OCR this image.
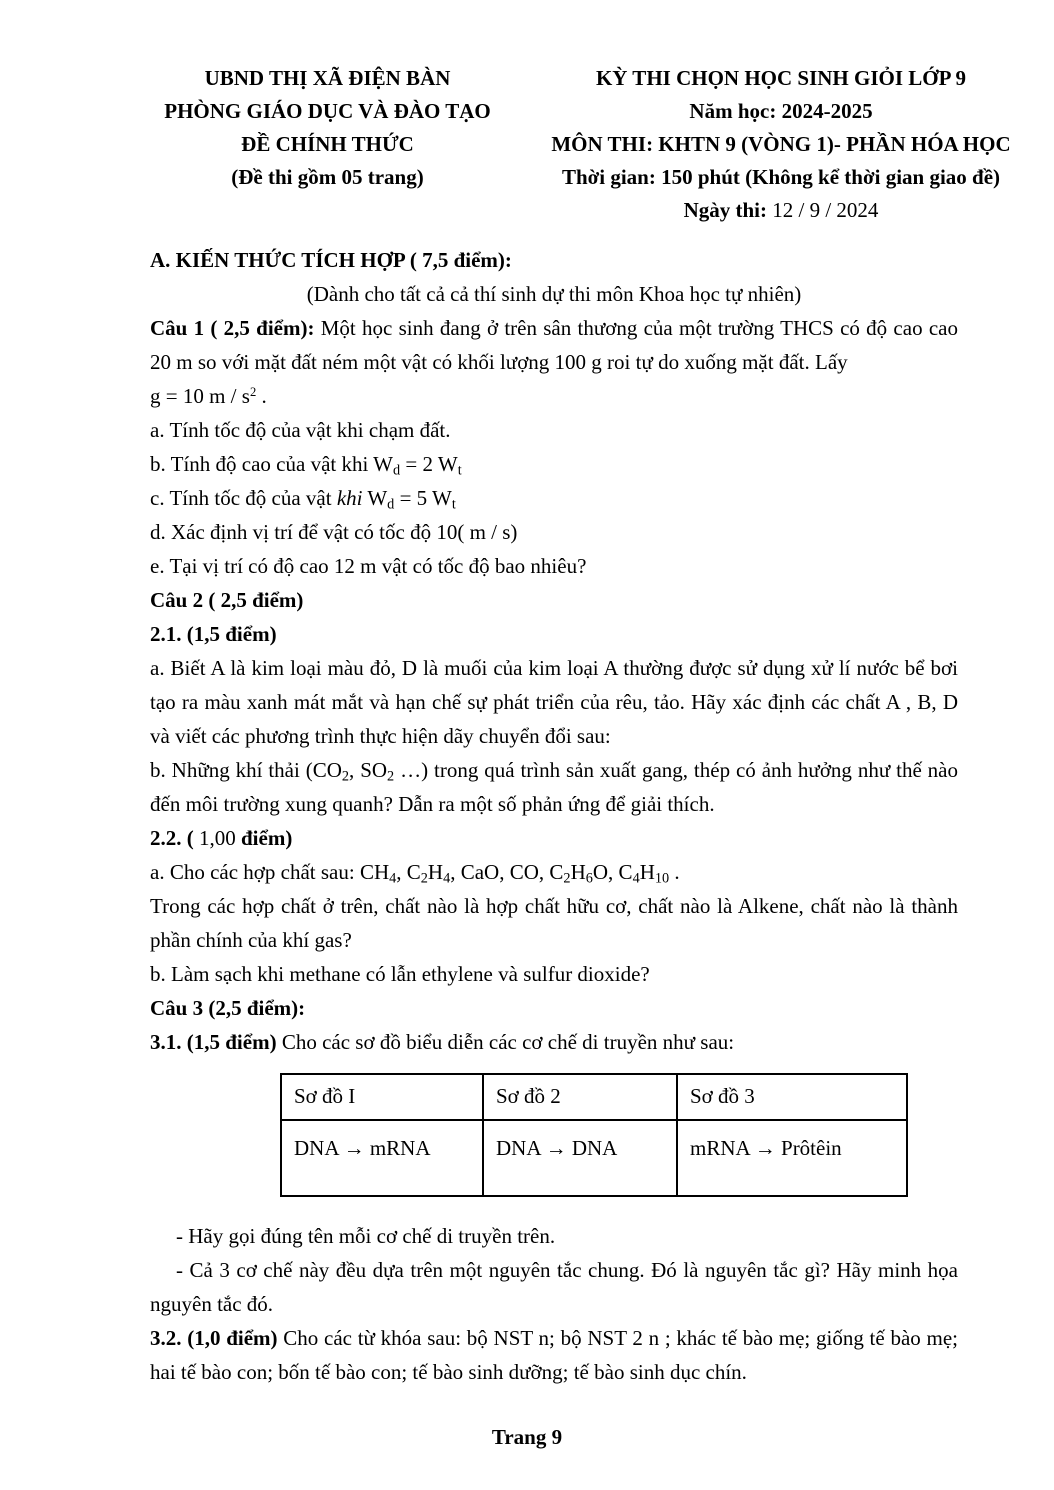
UBND THỊ XÃ ĐIỆN BÀN
PHÒNG GIÁO DỤC VÀ ĐÀO TẠO
ĐỀ CHÍNH THỨC
(Đề thi gồm 05 trang)
KỲ THI CHỌN HỌC SINH GIỎI LỚP 9
Năm học: 2024-2025
MÔN THI: KHTN 9 (VÒNG 1)- PHẦN HÓA HỌC
Thời gian: 150 phút (Không kể thời gian giao đề)
Ngày thi: 12 / 9 / 2024

A. KIẾN THỨC TÍCH HỢP ( 7,5 điểm):

(Dành cho tất cả cả thí sinh dự thi môn Khoa học tự nhiên)

Câu 1 ( 2,5 điểm): Một học sinh đang ở trên sân thương của một trường THCS có độ cao cao 20 m so với mặt đất ném một vật có khối lượng 100 g roi tự do xuống mặt đất. Lấy

g = 10 m / $s^2$ .

a. Tính tốc độ của vật khi chạm đất.

b. Tính độ cao của vật khi $W_d = 2$ $W_t$

c. Tính tốc độ của vật khi $W_d = 5$ $W_t$

d. Xác định vị trí để vật có tốc độ 10( m / s)

e. Tại vị trí có độ cao 12 m vật có tốc độ bao nhiêu?

Câu 2 ( 2,5 điểm)

2.1. (1,5 điểm)

a. Biết A là kim loại màu đỏ, D là muối của kim loại A thường được sử dụng xử lí nước bể bơi tạo ra màu xanh mát mắt và hạn chế sự phát triển của rêu, tảo. Hãy xác định các chất A , B, D và viết các phương trình thực hiện dãy chuyển đổi sau:

b. Những khí thải ($CO_2$, $SO_2$ …) trong quá trình sản xuất gang, thép có ảnh hưởng như thế nào đến môi trường xung quanh? Dẫn ra một số phản ứng để giải thích.

2.2. ( 1,00 điểm)

a. Cho các hợp chất sau: $CH_4$, $C_2H_4$, CaO, CO, $C_2H_6O$, $C_4H_{10}$ .

Trong các hợp chất ở trên, chất nào là hợp chất hữu cơ, chất nào là Alkene, chất nào là thành phần chính của khí gas?

b. Làm sạch khi methane có lẫn ethylene và sulfur dioxide?

Câu 3 (2,5 điểm):

3.1. (1,5 điểm) Cho các sơ đồ biểu diễn các cơ chế di truyền như sau:

Sơ đồ I	Sơ đồ 2	Sơ đồ 3
DNA → mRNA	DNA → DNA	mRNA → Prôtêin

- Hãy gọi đúng tên mỗi cơ chế di truyền trên.

- Cả 3 cơ chế này đều dựa trên một nguyên tắc chung. Đó là nguyên tắc gì? Hãy minh họa nguyên tắc đó.

3.2. (1,0 điểm) Cho các từ khóa sau: bộ NST n; bộ NST 2 n ; khác tế bào mẹ; giống tế bào mẹ; hai tế bào con; bốn tế bào con; tế bào sinh dưỡng; tế bào sinh dục chín.

Trang 9
